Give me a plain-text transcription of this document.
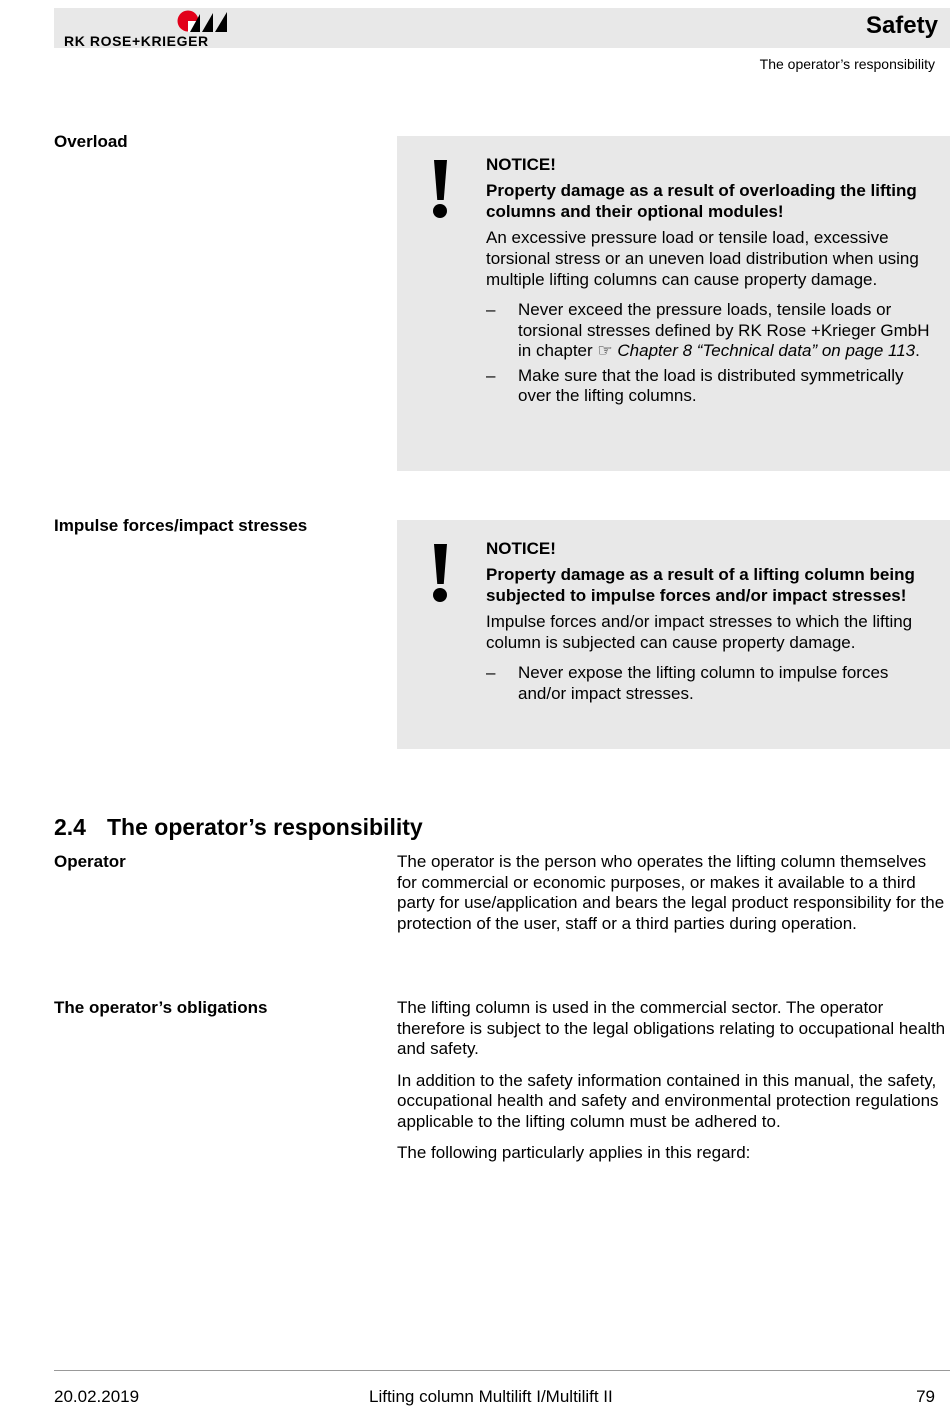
RK ROSE+KRIEGER
Safety
The operator’s responsibility
Overload
NOTICE!
Property damage as a result of overloading the lifting columns and their optional modules!
An excessive pressure load or tensile load, excessive torsional stress or an uneven load distribution when using multiple lifting columns can cause property damage.
– Never exceed the pressure loads, tensile loads or torsional stresses defined by RK Rose +Krieger GmbH in chapter ☞ Chapter 8 “Technical data” on page 113.
– Make sure that the load is distributed symmetrically over the lifting columns.
Impulse forces/impact stresses
NOTICE!
Property damage as a result of a lifting column being subjected to impulse forces and/or impact stresses!
Impulse forces and/or impact stresses to which the lifting column is subjected can cause property damage.
– Never expose the lifting column to impulse forces and/or impact stresses.
2.4 The operator’s responsibility
Operator	The operator is the person who operates the lifting column themselves for commercial or economic purposes, or makes it available to a third party for use/application and bears the legal product responsibility for the protection of the user, staff or a third parties during operation.

The operator’s obligations	The lifting column is used in the commercial sector. The operator therefore is subject to the legal obligations relating to occupational health and safety.

In addition to the safety information contained in this manual, the safety, occupational health and safety and environmental protection regulations applicable to the lifting column must be adhered to.

The following particularly applies in this regard:

20.02.2019	Lifting column Multilift I/Multilift II	79
